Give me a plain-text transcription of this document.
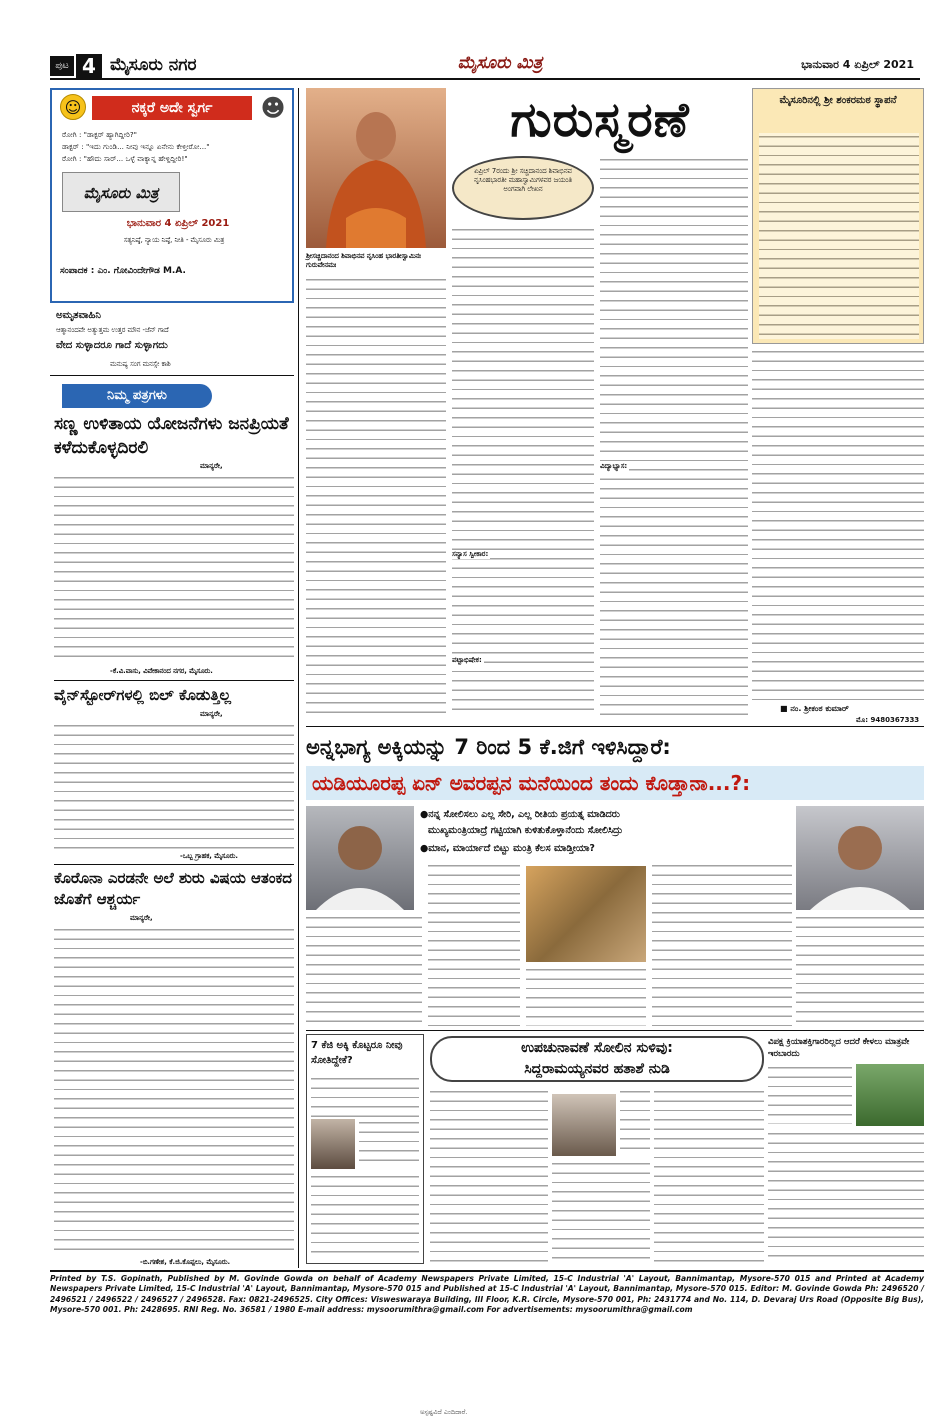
ಪುಟ 4 ಮೈಸೂರು ನಗರ	ಮೈಸೂರು ಮಿತ್ರ	ಭಾನುವಾರ 4 ಏಪ್ರಿಲ್ 2021
☺	ನಕ್ಕರೆ ಅದೇ ಸ್ವರ್ಗ	☻
ರೋಗಿ : "ಡಾಕ್ಟರ್‌ ಹ್ಯಾಗಿದ್ದೀರಿ?"
ಡಾಕ್ಟರ್ : "ಇದು ಗುಂಡಿ... ನೀವು ಇನ್ನೂ ಏನೇನು ಕೇಳ್ತೀರೋ..."
ರೋಗಿ : "ಹೌದು ಸಾರ್... ಒಳ್ಳೆ ವಾಕ್ಯಾನ್ನ ಹೇಳ್ದಿದ್ದೀರಿ!"
ಮೈಸೂರು ಮಿತ್ರ
ಭಾನುವಾರ 4 ಏಪ್ರಿಲ್ 2021
ಸತ್ಯನಿಷ್ಠೆ, ನ್ಯಾಯ ನಿಷ್ಠೆ, ನೀತಿ - ಮೈಸೂರು ಮಿತ್ರ
ಸಂಪಾದಕ : ಎಂ. ಗೋವಿಂದೇಗೌಡ M.A.
ಅಮೃತವಾಹಿನಿ
ಆತ್ಮಾನಂದವೇ ಅತ್ಯುತ್ತಮ ಉತ್ತರ ಮೌನ -ಜೆನ್ ಗಾದೆ
ವೇದ ಸುಳ್ಳಾದರೂ ಗಾದೆ ಸುಳ್ಳಾಗದು
ಮನುಷ್ಯ ಸಂಗ ಮನಸ್ಸೇ ಕಾಶಿ
ನಿಮ್ಮ ಪತ್ರಗಳು
ಸಣ್ಣ ಉಳಿತಾಯ ಯೋಜನೆಗಳು ಜನಪ್ರಿಯತೆ ಕಳೆದುಕೊಳ್ಳದಿರಲಿ
ಮಾನ್ಯರೇ,
-ಕೆ.ವಿ.ವಾಸು, ವಿವೇಕಾನಂದ ನಗರ, ಮೈಸೂರು.
ವೈನ್‌ಸ್ಟೋರ್‌ಗಳಲ್ಲಿ ಬಿಲ್ ಕೊಡುತ್ತಿಲ್ಲ
ಮಾನ್ಯರೇ,
-ಒಬ್ಬ ಗ್ರಾಹಕ, ಮೈಸೂರು.
ಕೊರೊನಾ ಎರಡನೇ ಅಲೆ ಶುರು ವಿಷಯ ಆತಂಕದ ಜೊತೆಗೆ ಆಶ್ಚರ್ಯ
ಮಾನ್ಯರೇ,
-ಬಿ.ಗಣೇಶ, ಕೆ.ಜಿ.ಕೊಪ್ಪಲು, ಮೈಸೂರು.
ಶ್ರೀಸಚ್ಚಿದಾನಂದ ಶಿವಾಭಿನವ ನೃಸಿಂಹ ಭಾರತೀಸ್ವಾಮಿನಃ ಗುರುವೇನಮಃ
ಗುರುಸ್ಮರಣೆ
ಏಪ್ರಿಲ್ 7ರಂದು ಶ್ರೀ ಸಚ್ಚಿದಾನಂದ ಶಿವಾಭಿನವ ನೃಸಿಂಹಭಾರತೀ ಮಹಾಸ್ವಾಮಿಗಳವರ ಜಯಂತಿ ಅಂಗವಾಗಿ ಲೇಖನ
ಸನ್ಯಾಸ ಸ್ವೀಕಾರ:
ಪಟ್ಟಾಭಿಷೇಕ:
ವಿದ್ಯಾಭ್ಯಾಸ:
ಮೈಸೂರಿನಲ್ಲಿ ಶ್ರೀ ಶಂಕರಮಠ ಸ್ಥಾಪನೆ
■ ನಂ. ಶ್ರೀಕಂಠ ಕುಮಾರ್
ಮೊ: 9480367333
ಅನ್ನಭಾಗ್ಯ ಅಕ್ಕಿಯನ್ನು 7 ರಿಂದ 5 ಕೆ.ಜಿಗೆ ಇಳಿಸಿದ್ದಾರೆ:
ಯಡಿಯೂರಪ್ಪ ಏನ್ ಅವರಪ್ಪನ ಮನೆಯಿಂದ ತಂದು ಕೊಡ್ತಾನಾ...?:
●ನನ್ನ ಸೋಲಿಸಲು ಎಲ್ಲ ಸೇರಿ, ಎಲ್ಲ ರೀತಿಯ ಪ್ರಯತ್ನ ಮಾಡಿದರು
ಮುಖ್ಯಮಂತ್ರಿಯಾದ್ರೆ ಗಟ್ಟಿಯಾಗಿ ಕುಳಿತುಕೊಳ್ತಾನೆಂದು ಸೋಲಿಸಿದ್ರು
●ಮಾನ, ಮಾರ್ಯಾದೆ ಬಿಟ್ಟು ಮಂತ್ರಿ ಕೆಲಸ ಮಾಡ್ತೀಯಾ?
7 ಕೆಜಿ ಅಕ್ಕಿ ಕೊಟ್ಟರೂ ನೀವು ಸೋತಿದ್ದೇಕೆ?
ಉಪಚುನಾವಣೆ ಸೋಲಿನ ಸುಳಿವು:
ಸಿದ್ದರಾಮಯ್ಯನವರ ಹತಾಶೆ ನುಡಿ
ವಿಪಕ್ಷ ಕ್ರಿಯಾಶಕ್ತಿಗಾರರಿಲ್ಲದ ಆದರೆ ಕೇಳಲು ಮಾತ್ರವೇ ಇರಬಾರದು
Printed by T.S. Gopinath, Published by M. Govinde Gowda on behalf of Academy Newspapers Private Limited, 15-C Industrial 'A' Layout, Bannimantap, Mysore-570 015 and Printed at Academy Newspapers Private Limited, 15-C Industrial 'A' Layout, Bannimantap, Mysore-570 015 and Published at 15-C Industrial 'A' Layout, Bannimantap, Mysore-570 015. Editor: M. Govinde Gowda Ph: 2496520 / 2496521 / 2496522 / 2496527 / 2496528. Fax: 0821-2496525. City Offices: Visweswaraya Building, III Floor, K.R. Circle, Mysore-570 001, Ph: 2431774 and No. 114, D. Devaraj Urs Road (Opposite Big Bus), Mysore-570 001. Ph: 2428695. RNI Reg. No. 36581 / 1980 E-mail address: mysoorumithra@gmail.com For advertisements: mysoorumithra@gmail.com
ಅಸ್ಪಷ್ಟವಿದೆ ಎಂದಿದಾರೆ.
